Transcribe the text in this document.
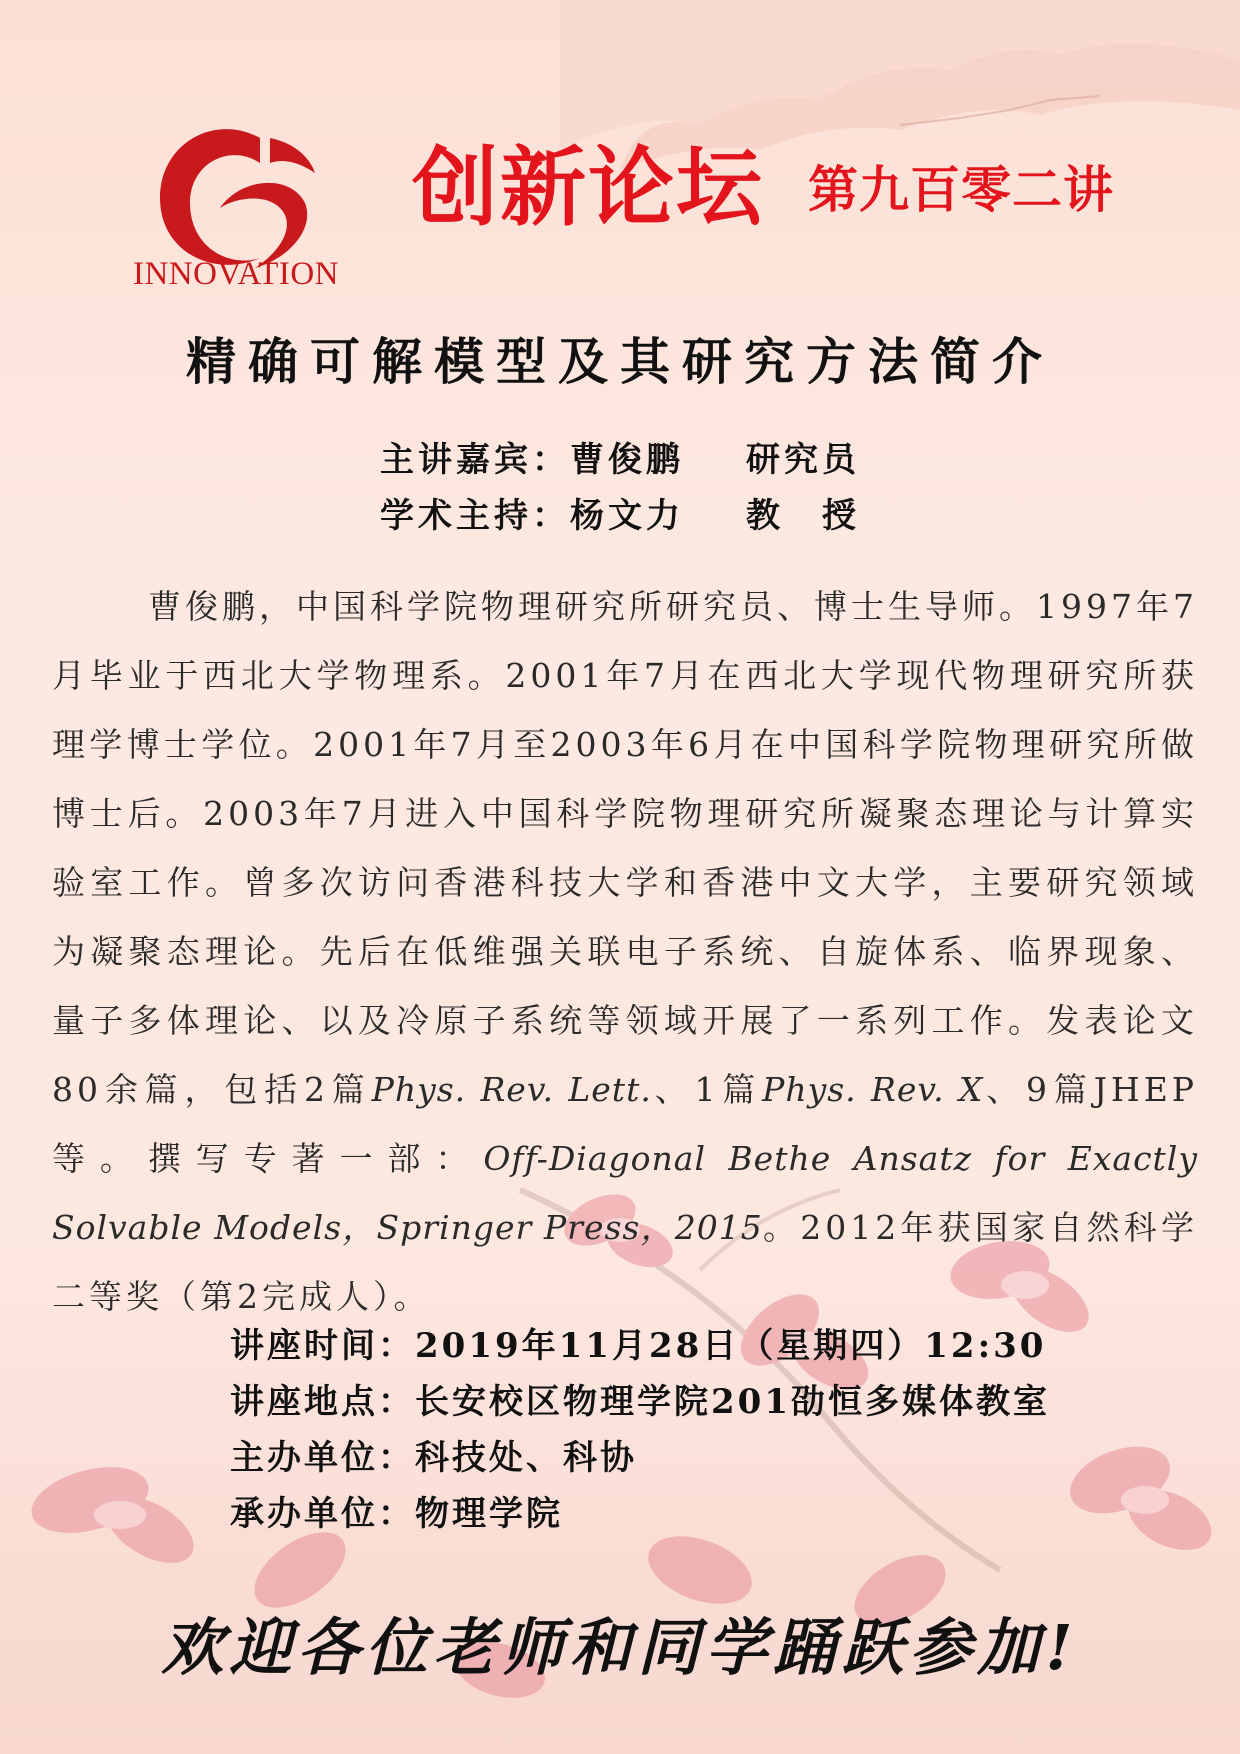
INNOVATION
创新论坛 第九百零二讲
精确可解模型及其研究方法简介
主讲嘉宾：曹俊鹏 研究员
学术主持：杨文力 教　授
曹俊鹏，中国科学院物理研究所研究员、博士生导师。1997年7月毕业于西北大学物理系。2001年7月在西北大学现代物理研究所获理学博士学位。2001年7月至2003年6月在中国科学院物理研究所做博士后。2003年7月进入中国科学院物理研究所凝聚态理论与计算实验室工作。曾多次访问香港科技大学和香港中文大学，主要研究领域为凝聚态理论。先后在低维强关联电子系统、自旋体系、临界现象、量子多体理论、以及冷原子系统等领域开展了一系列工作。发表论文80余篇，包括2篇Phys. Rev. Lett.、1篇Phys. Rev. X、9篇JHEP等。撰写专著一部：Off-Diagonal Bethe Ansatz for Exactly Solvable Models，Springer Press，2015。2012年获国家自然科学二等奖（第2完成人）。
讲座时间：2019年11月28日（星期四）12:30
讲座地点：长安校区物理学院201劭恒多媒体教室
主办单位：科技处、科协
承办单位：物理学院
欢迎各位老师和同学踊跃参加!
